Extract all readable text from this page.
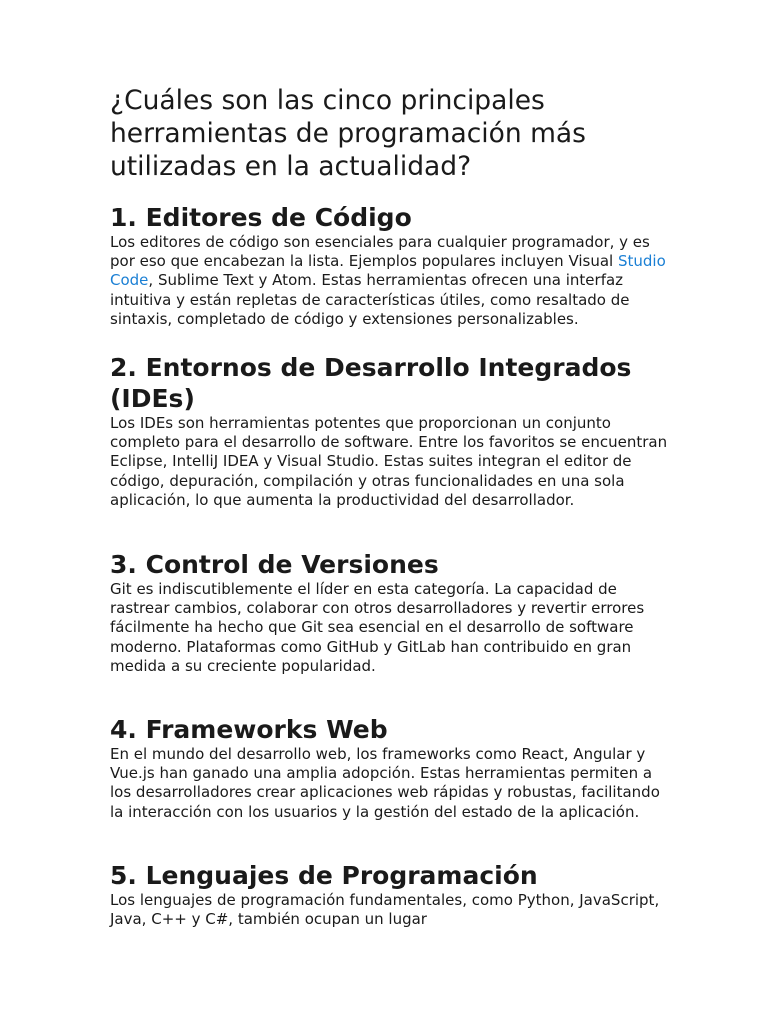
¿Cuáles son las cinco principales herramientas de programación más utilizadas en la actualidad?
1. Editores de Código

Los editores de código son esenciales para cualquier programador, y es por eso que encabezan la lista. Ejemplos populares incluyen Visual Studio Code, Sublime Text y Atom. Estas herramientas ofrecen una interfaz intuitiva y están repletas de características útiles, como resaltado de sintaxis, completado de código y extensiones personalizables.

2. Entornos de Desarrollo Integrados (IDEs)

Los IDEs son herramientas potentes que proporcionan un conjunto completo para el desarrollo de software. Entre los favoritos se encuentran Eclipse, IntelliJ IDEA y Visual Studio. Estas suites integran el editor de código, depuración, compilación y otras funcionalidades en una sola aplicación, lo que aumenta la productividad del desarrollador.

3. Control de Versiones

Git es indiscutiblemente el líder en esta categoría. La capacidad de rastrear cambios, colaborar con otros desarrolladores y revertir errores fácilmente ha hecho que Git sea esencial en el desarrollo de software moderno. Plataformas como GitHub y GitLab han contribuido en gran medida a su creciente popularidad.

4. Frameworks Web

En el mundo del desarrollo web, los frameworks como React, Angular y Vue.js han ganado una amplia adopción. Estas herramientas permiten a los desarrolladores crear aplicaciones web rápidas y robustas, facilitando la interacción con los usuarios y la gestión del estado de la aplicación.

5. Lenguajes de Programación

Los lenguajes de programación fundamentales, como Python, JavaScript, Java, C++ y C#, también ocupan un lugar
